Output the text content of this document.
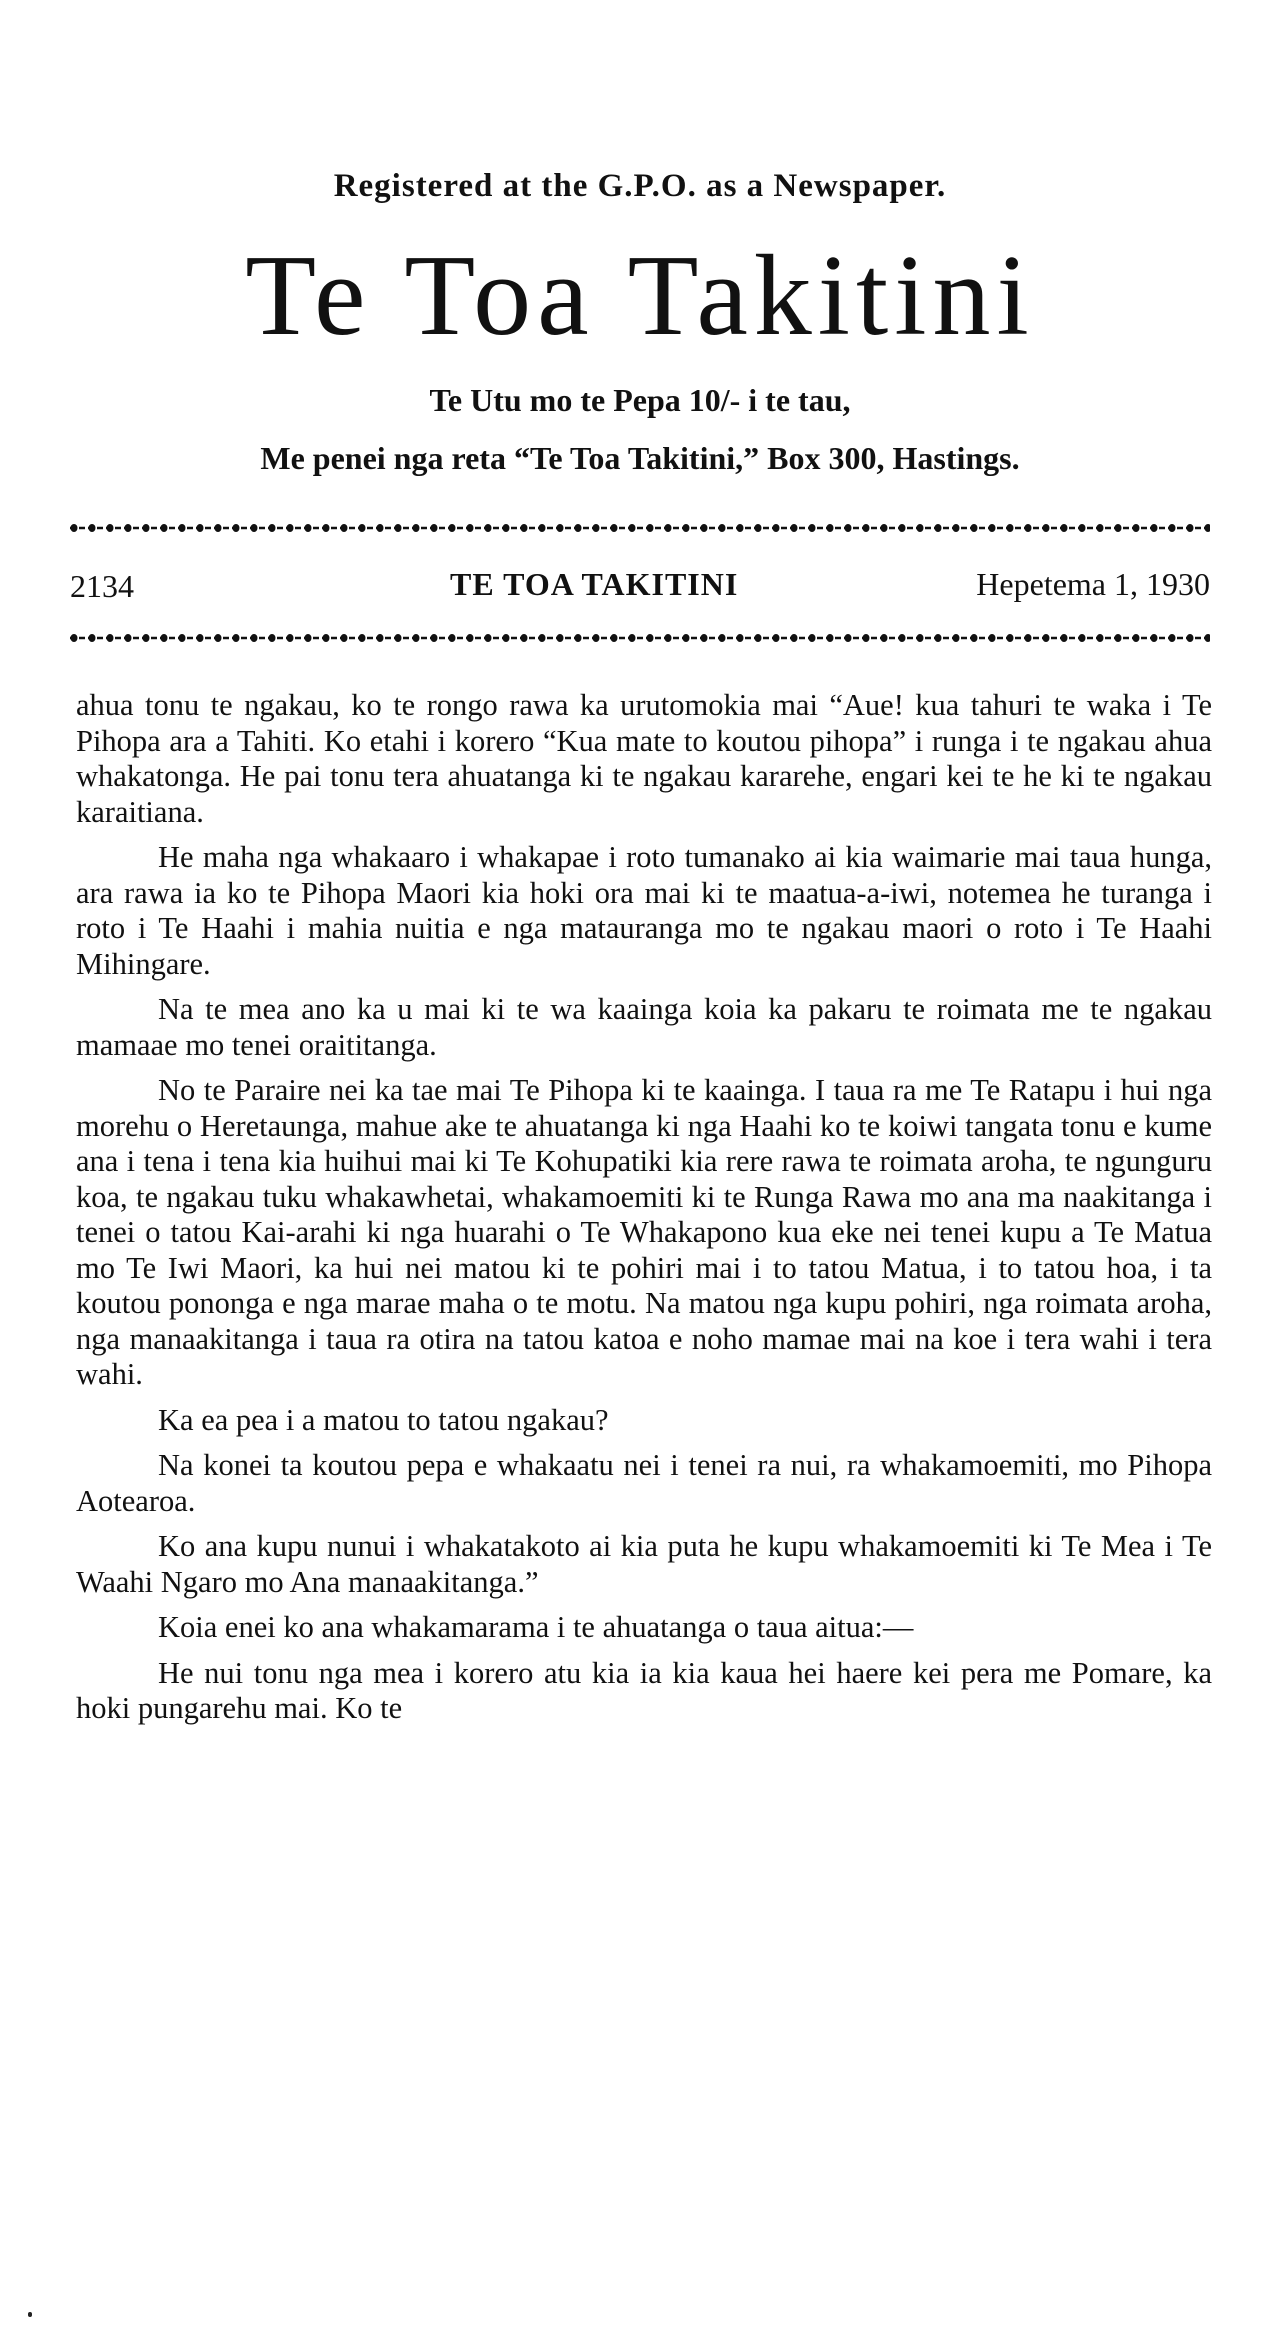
Registered at the G.P.O. as a Newspaper.
Te Toa Takitini
Te Utu mo te Pepa 10/- i te tau,
Me penei nga reta “Te Toa Takitini,” Box 300, Hastings.
2134	TE TOA TAKITINI	Hepetema 1, 1930

ahua tonu te ngakau, ko te rongo rawa ka urutomokia mai “Aue! kua tahuri te waka i Te Pihopa ara a Tahiti. Ko etahi i korero “Kua mate to koutou pihopa” i runga i te ngakau ahua whakatonga. He pai tonu tera ahuatanga ki te ngakau kararehe, engari kei te he ki te ngakau karaitiana.

He maha nga whakaaro i whakapae i roto tumanako ai kia waimarie mai taua hunga, ara rawa ia ko te Pihopa Maori kia hoki ora mai ki te maatua-a-iwi, notemea he turanga i roto i Te Haahi i mahia nuitia e nga matauranga mo te ngakau maori o roto i Te Haahi Mihingare.

Na te mea ano ka u mai ki te wa kaainga koia ka pakaru te roimata me te ngakau mamaae mo tenei oraititanga.

No te Paraire nei ka tae mai Te Pihopa ki te kaainga. I taua ra me Te Ratapu i hui nga morehu o Heretaunga, mahue ake te ahuatanga ki nga Haahi ko te koiwi tangata tonu e kume ana i tena i tena kia huihui mai ki Te Kohupatiki kia rere rawa te roimata aroha, te ngunguru koa, te ngakau tuku whakawhetai, whakamoemiti ki te Runga Rawa mo ana ma naakitanga i tenei o tatou Kai-arahi ki nga huarahi o Te Whakapono kua eke nei tenei kupu a Te Matua mo Te Iwi Maori, ka hui nei matou ki te pohiri mai i to tatou Matua, i to tatou hoa, i ta koutou pononga e nga marae maha o te motu. Na matou nga kupu pohiri, nga roimata aroha, nga manaakitanga i taua ra otira na tatou katoa e noho mamae mai na koe i tera wahi i tera wahi.

Ka ea pea i a matou to tatou ngakau?

Na konei ta koutou pepa e whakaatu nei i tenei ra nui, ra whakamoemiti, mo Pihopa Aotearoa.

Ko ana kupu nunui i whakatakoto ai kia puta he kupu whakamoemiti ki Te Mea i Te Waahi Ngaro mo Ana manaakitanga.”

Koia enei ko ana whakamarama i te ahuatanga o taua aitua:—

He nui tonu nga mea i korero atu kia ia kia kaua hei haere kei pera me Pomare, ka hoki pungarehu mai. Ko te
